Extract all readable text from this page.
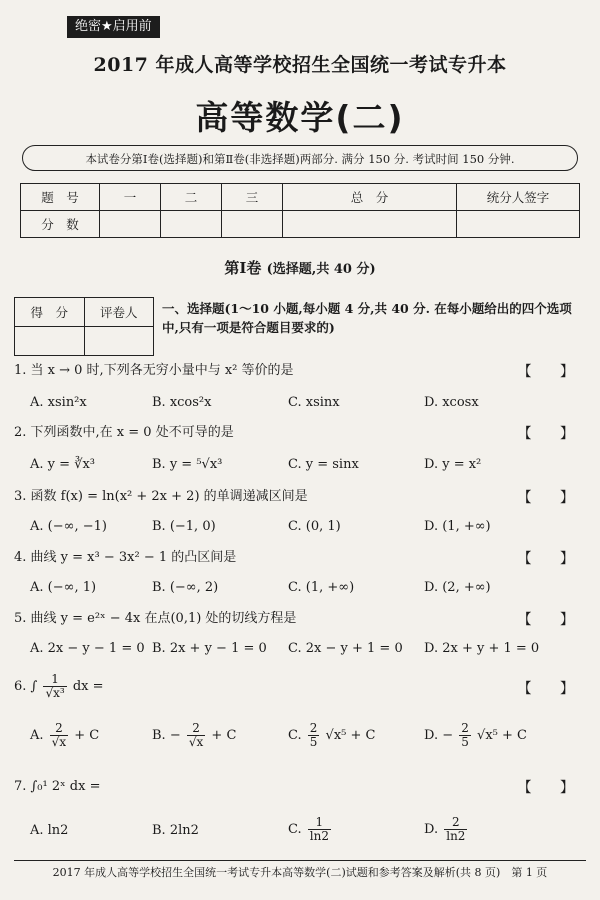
绝密★启用前
2017 年成人高等学校招生全国统一考试专升本
高等数学(二)
本试卷分第Ⅰ卷(选择题)和第Ⅱ卷(非选择题)两部分. 满分 150 分. 考试时间 150 分钟.
题　号	一	二	三	总　分	统分人签字
分　数					
第Ⅰ卷 (选择题,共 40 分)
得　分	评卷人
	一、选择题(1～10 小题,每小题 4 分,共 40 分. 在每小题给出的四个选项中,只有一项是符合题目要求的)
1. 当 x → 0 时,下列各无穷小量中与 x² 等价的是	【 】
A. xsin²x	B. xcos²x	C. xsinx	D. xcosx
2. 下列函数中,在 x = 0 处不可导的是	【 】
A. y = ∛x³	B. y = ⁵√x³	C. y = sinx	D. y = x²
3. 函数 f(x) = ln(x² + 2x + 2) 的单调递减区间是	【 】
A. (−∞, −1)	B. (−1, 0)	C. (0, 1)	D. (1, +∞)
4. 曲线 y = x³ − 3x² − 1 的凸区间是	【 】
A. (−∞, 1)	B. (−∞, 2)	C. (1, +∞)	D. (2, +∞)
5. 曲线 y = e²ˣ − 4x 在点(0,1) 处的切线方程是	【 】
A. 2x − y − 1 = 0 B. 2x + y − 1 = 0 C. 2x − y + 1 = 0 D. 2x + y + 1 = 0
6. ∫ $\frac{1}{\text{√x³}}$ dx =	【 】
A. $\frac{2}{√x} + C$	B. − $\frac{2}{√x} + C$	C. $\frac{2}{5} √x^5 + C$	D. − $\frac{2}{5} √x^5 + C$
7. ∫₀¹ 2ˣ dx =	【 】
A. ln2	B. 2ln2	C. $\frac{1}{\ln 2}$	D. $\frac{2}{\ln 2}$
2017 年成人高等学校招生全国统一考试专升本高等数学(二)试题和参考答案及解析(共 8 页)　第 1 页
